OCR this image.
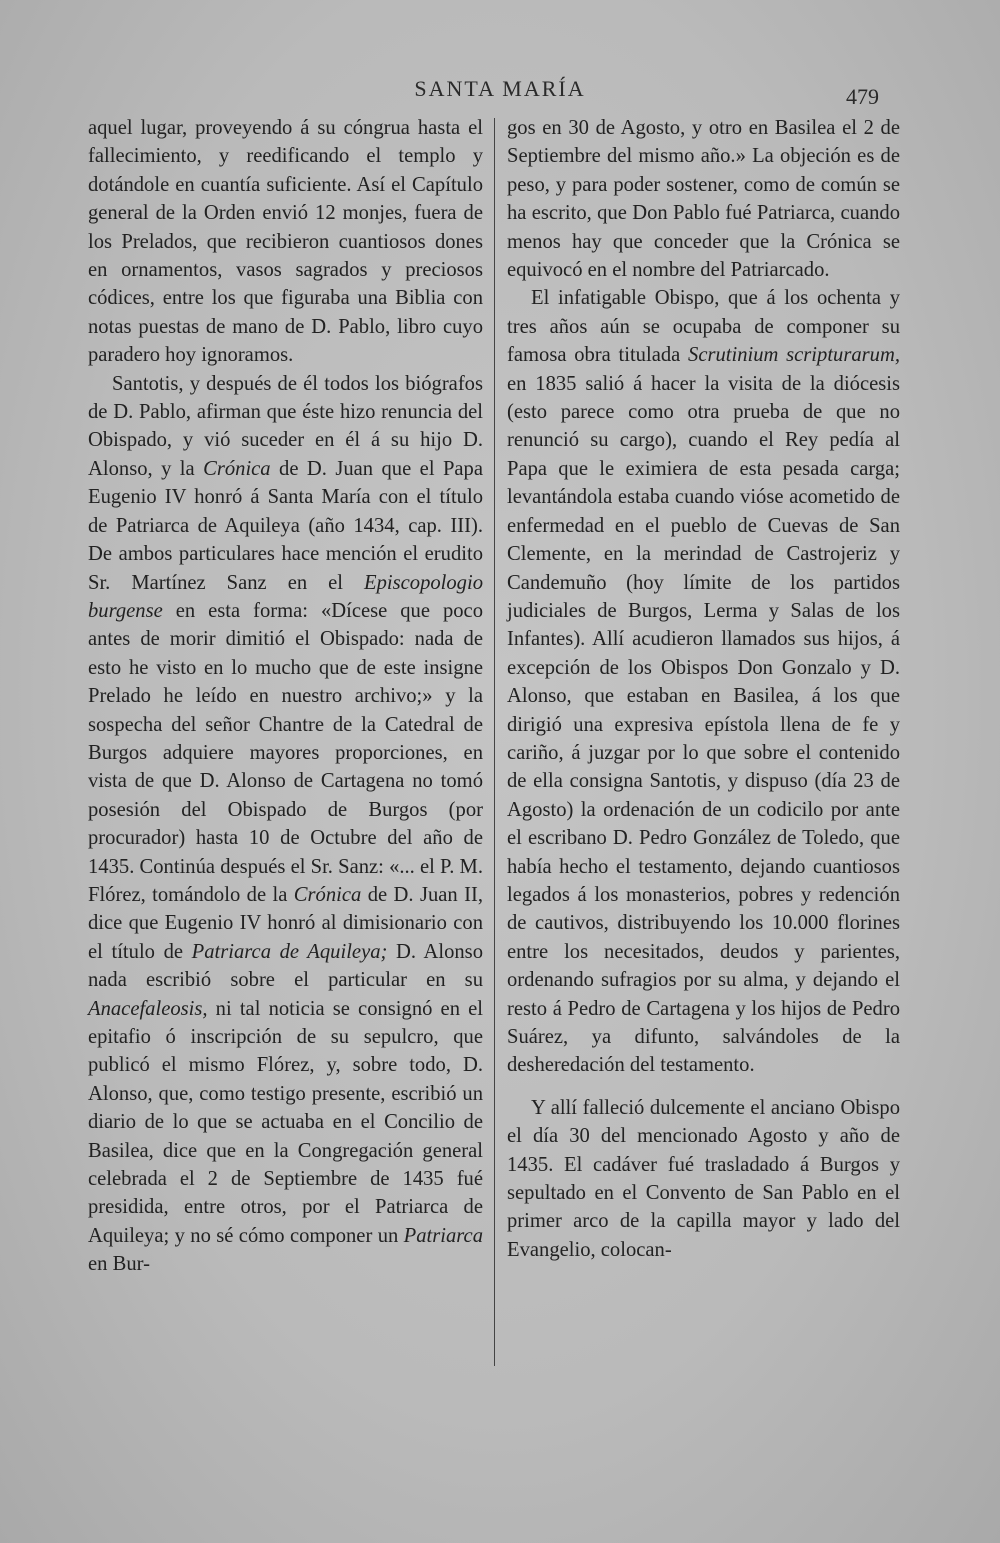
SANTA MARÍA	479

aquel lugar, proveyendo á su cóngrua hasta el fallecimiento, y reedificando el templo y dotándole en cuantía suficiente. Así el Capítulo general de la Orden envió 12 monjes, fuera de los Prelados, que recibieron cuantiosos dones en ornamentos, vasos sagrados y preciosos códices, entre los que figuraba una Biblia con notas puestas de mano de D. Pablo, libro cuyo paradero hoy ignoramos.

Santotis, y después de él todos los biógrafos de D. Pablo, afirman que éste hizo renuncia del Obispado, y vió suceder en él á su hijo D. Alonso, y la Crónica de D. Juan que el Papa Eugenio IV honró á Santa María con el título de Patriarca de Aquileya (año 1434, cap. III). De ambos particulares hace mención el erudito Sr. Martínez Sanz en el Episcopologio burgense en esta forma: «Dícese que poco antes de morir dimitió el Obispado: nada de esto he visto en lo mucho que de este insigne Prelado he leído en nuestro archivo;» y la sospecha del señor Chantre de la Catedral de Burgos adquiere mayores proporciones, en vista de que D. Alonso de Cartagena no tomó posesión del Obispado de Burgos (por procurador) hasta 10 de Octubre del año de 1435. Continúa después el Sr. Sanz: «... el P. M. Flórez, tomándolo de la Crónica de D. Juan II, dice que Eugenio IV honró al dimisionario con el título de Patriarca de Aquileya; D. Alonso nada escribió sobre el particular en su Anacefaleosis, ni tal noticia se consignó en el epitafio ó inscripción de su sepulcro, que publicó el mismo Flórez, y, sobre todo, D. Alonso, que, como testigo presente, escribió un diario de lo que se actuaba en el Concilio de Basilea, dice que en la Congregación general celebrada el 2 de Septiembre de 1435 fué presidida, entre otros, por el Patriarca de Aquileya; y no sé cómo componer un Patriarca en Bur-

gos en 30 de Agosto, y otro en Basilea el 2 de Septiembre del mismo año.» La objeción es de peso, y para poder sostener, como de común se ha escrito, que Don Pablo fué Patriarca, cuando menos hay que conceder que la Crónica se equivocó en el nombre del Patriarcado.

El infatigable Obispo, que á los ochenta y tres años aún se ocupaba de componer su famosa obra titulada Scrutinium scripturarum, en 1835 salió á hacer la visita de la diócesis (esto parece como otra prueba de que no renunció su cargo), cuando el Rey pedía al Papa que le eximiera de esta pesada carga; levantándola estaba cuando vióse acometido de enfermedad en el pueblo de Cuevas de San Clemente, en la merindad de Castrojeriz y Candemuño (hoy límite de los partidos judiciales de Burgos, Lerma y Salas de los Infantes). Allí acudieron llamados sus hijos, á excepción de los Obispos Don Gonzalo y D. Alonso, que estaban en Basilea, á los que dirigió una expresiva epístola llena de fe y cariño, á juzgar por lo que sobre el contenido de ella consigna Santotis, y dispuso (día 23 de Agosto) la ordenación de un codicilo por ante el escribano D. Pedro González de Toledo, que había hecho el testamento, dejando cuantiosos legados á los monasterios, pobres y redención de cautivos, distribuyendo los 10.000 florines entre los necesitados, deudos y parientes, ordenando sufragios por su alma, y dejando el resto á Pedro de Cartagena y los hijos de Pedro Suárez, ya difunto, salvándoles de la desheredación del testamento.

Y allí falleció dulcemente el anciano Obispo el día 30 del mencionado Agosto y año de 1435. El cadáver fué trasladado á Burgos y sepultado en el Convento de San Pablo en el primer arco de la capilla mayor y lado del Evangelio, colocan-
